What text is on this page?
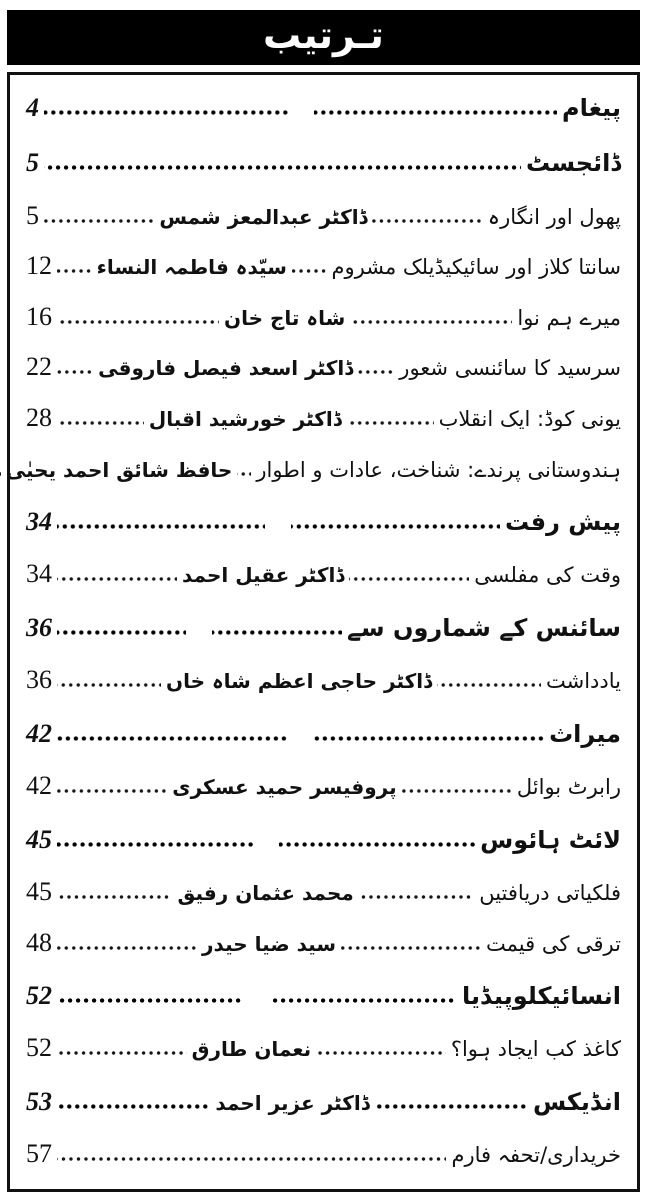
تـرتیب
پیغام
4
ڈائجسٹ
5
پھول اور انگارہ
ڈاکٹر عبدالمعز شمس
5
سانتا کلاز اور سائیکیڈیلک مشروم
سیّدہ فاطمہ النساء
12
میرے ہم نوا
شاہ تاج خان
16
سرسید کا سائنسی شعور
ڈاکٹر اسعد فیصل فاروقی
22
یونی کوڈ: ایک انقلاب
ڈاکٹر خورشید اقبال
28
ہندوستانی پرندے: شناخت، عادات و اطوار
حافظ شائق احمد یحیٰی
پیش رفت
34
وقت کی مفلسی
ڈاکٹر عقیل احمد
34
سائنس کے شماروں سے
36
یادداشت
ڈاکٹر حاجی اعظم شاہ خاں
36
میراث
42
رابرٹ بوائل
پروفیسر حمید عسکری
42
لائٹ ہائوس
45
فلکیاتی دریافتیں
محمد عثمان رفیق
45
ترقی کی قیمت
سید ضیا حیدر
48
انسائیکلوپیڈیا
52
کاغذ کب ایجاد ہوا؟
نعمان طارق
52
انڈیکس
ڈاکٹر عزیر احمد
53
خریداری/تحفہ فارم
57
